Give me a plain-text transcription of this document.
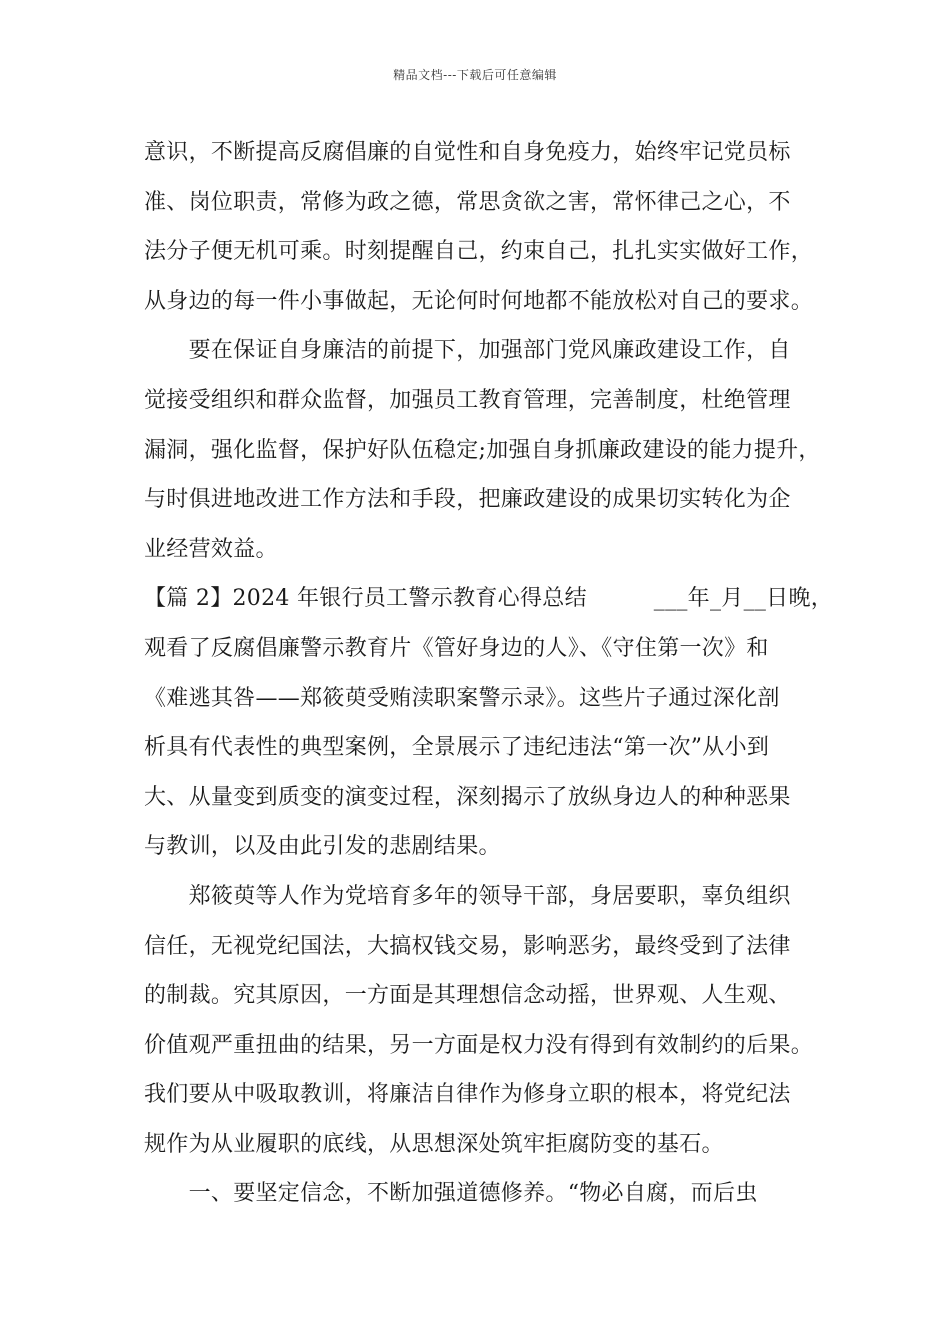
精品文档---下载后可任意编辑
意识，不断提高反腐倡廉的自觉性和自身免疫力，始终牢记党员标
准、岗位职责，常修为政之德，常思贪欲之害，常怀律己之心，不
法分子便无机可乘。时刻提醒自己，约束自己，扎扎实实做好工作，
从身边的每一件小事做起，无论何时何地都不能放松对自己的要求。
　　要在保证自身廉洁的前提下，加强部门党风廉政建设工作，自
觉接受组织和群众监督，加强员工教育管理，完善制度，杜绝管理
漏洞，强化监督，保护好队伍稳定;加强自身抓廉政建设的能力提升，
与时俱进地改进工作方法和手段，把廉政建设的成果切实转化为企
业经营效益。
【篇 2】2024 年银行员工警示教育心得总结　　　___年_月__日晚，
观看了反腐倡廉警示教育片《管好身边的人》、《守住第一次》和
《难逃其咎——郑筱萸受贿渎职案警示录》。这些片子通过深化剖
析具有代表性的典型案例，全景展示了违纪违法“第一次”从小到
大、从量变到质变的演变过程，深刻揭示了放纵身边人的种种恶果
与教训，以及由此引发的悲剧结果。
　　郑筱萸等人作为党培育多年的领导干部，身居要职，辜负组织
信任，无视党纪国法，大搞权钱交易，影响恶劣，最终受到了法律
的制裁。究其原因，一方面是其理想信念动摇，世界观、人生观、
价值观严重扭曲的结果，另一方面是权力没有得到有效制约的后果。
我们要从中吸取教训，将廉洁自律作为修身立职的根本，将党纪法
规作为从业履职的底线，从思想深处筑牢拒腐防变的基石。
　　一、要坚定信念，不断加强道德修养。“物必自腐，而后虫
